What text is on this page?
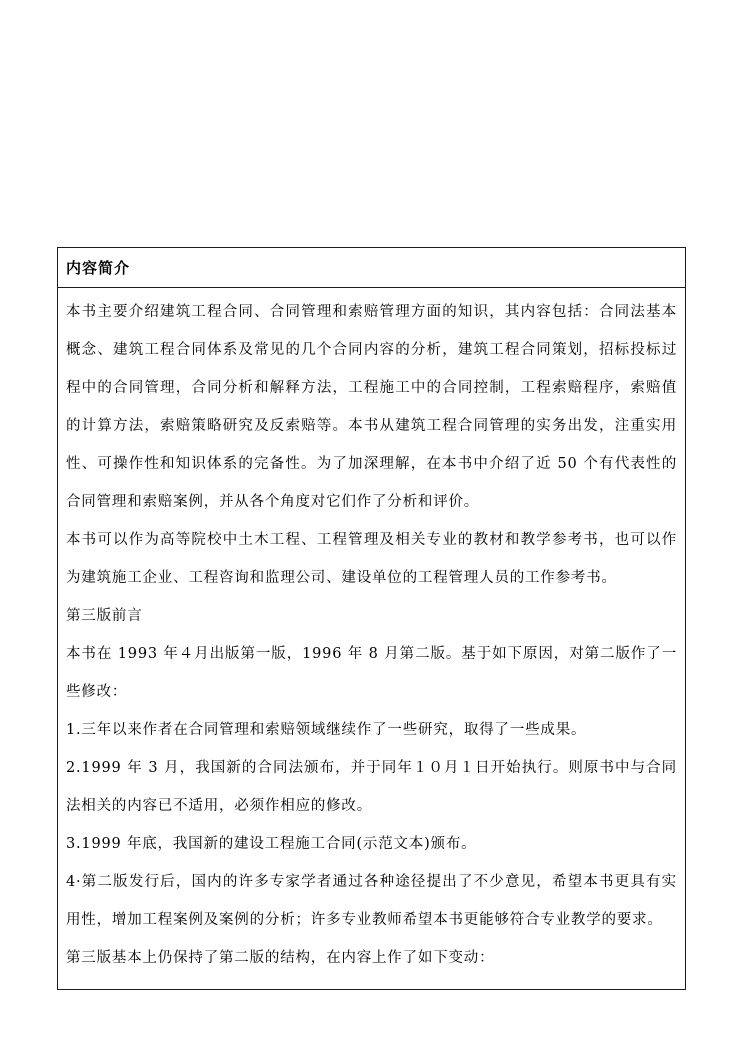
内容简介

本书主要介绍建筑工程合同、合同管理和索赔管理方面的知识，其内容包括：合同法基本概念、建筑工程合同体系及常见的几个合同内容的分析，建筑工程合同策划，招标投标过程中的合同管理，合同分析和解释方法，工程施工中的合同控制，工程索赔程序，索赔值的计算方法，索赔策略研究及反索赔等。本书从建筑工程合同管理的实务出发，注重实用性、可操作性和知识体系的完备性。为了加深理解，在本书中介绍了近 50 个有代表性的合同管理和索赔案例，并从各个角度对它们作了分析和评价。

本书可以作为高等院校中土木工程、工程管理及相关专业的教材和教学参考书，也可以作为建筑施工企业、工程咨询和监理公司、建设单位的工程管理人员的工作参考书。

第三版前言

本书在 1993 年４月出版第一版，1996 年 8 月第二版。基于如下原因，对第二版作了一些修改：

1.三年以来作者在合同管理和索赔领域继续作了一些研究，取得了一些成果。

2.1999 年 3 月，我国新的合同法颁布，并于同年１０月１日开始执行。则原书中与合同法相关的内容已不适用，必须作相应的修改。

3.1999 年底，我国新的建设工程施工合同(示范文本)颁布。

4·第二版发行后，国内的许多专家学者通过各种途径提出了不少意见，希望本书更具有实用性，增加工程案例及案例的分析；许多专业教师希望本书更能够符合专业教学的要求。

第三版基本上仍保持了第二版的结构，在内容上作了如下变动：
